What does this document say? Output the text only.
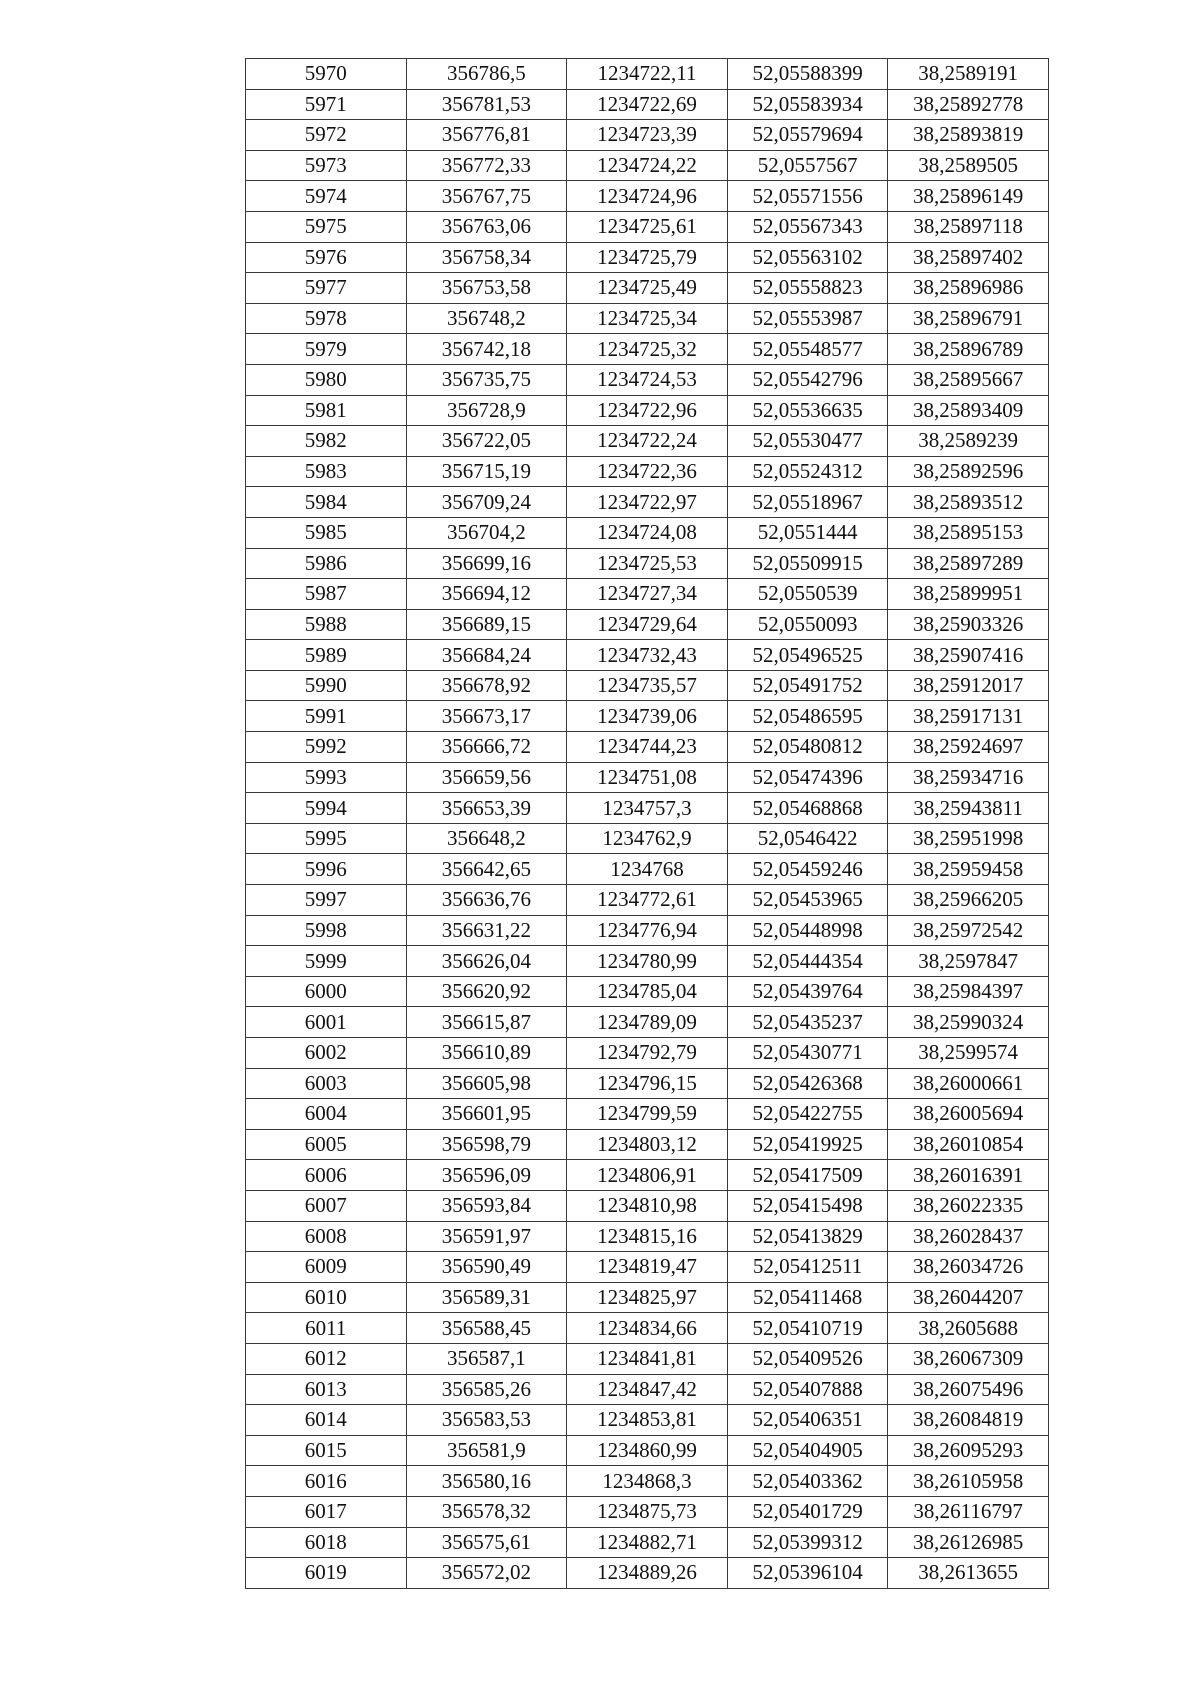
5970	356786,5	1234722,11	52,05588399	38,2589191
5971	356781,53	1234722,69	52,05583934	38,25892778
5972	356776,81	1234723,39	52,05579694	38,25893819
5973	356772,33	1234724,22	52,0557567	38,2589505
5974	356767,75	1234724,96	52,05571556	38,25896149
5975	356763,06	1234725,61	52,05567343	38,25897118
5976	356758,34	1234725,79	52,05563102	38,25897402
5977	356753,58	1234725,49	52,05558823	38,25896986
5978	356748,2	1234725,34	52,05553987	38,25896791
5979	356742,18	1234725,32	52,05548577	38,25896789
5980	356735,75	1234724,53	52,05542796	38,25895667
5981	356728,9	1234722,96	52,05536635	38,25893409
5982	356722,05	1234722,24	52,05530477	38,2589239
5983	356715,19	1234722,36	52,05524312	38,25892596
5984	356709,24	1234722,97	52,05518967	38,25893512
5985	356704,2	1234724,08	52,0551444	38,25895153
5986	356699,16	1234725,53	52,05509915	38,25897289
5987	356694,12	1234727,34	52,0550539	38,25899951
5988	356689,15	1234729,64	52,0550093	38,25903326
5989	356684,24	1234732,43	52,05496525	38,25907416
5990	356678,92	1234735,57	52,05491752	38,25912017
5991	356673,17	1234739,06	52,05486595	38,25917131
5992	356666,72	1234744,23	52,05480812	38,25924697
5993	356659,56	1234751,08	52,05474396	38,25934716
5994	356653,39	1234757,3	52,05468868	38,25943811
5995	356648,2	1234762,9	52,0546422	38,25951998
5996	356642,65	1234768	52,05459246	38,25959458
5997	356636,76	1234772,61	52,05453965	38,25966205
5998	356631,22	1234776,94	52,05448998	38,25972542
5999	356626,04	1234780,99	52,05444354	38,2597847
6000	356620,92	1234785,04	52,05439764	38,25984397
6001	356615,87	1234789,09	52,05435237	38,25990324
6002	356610,89	1234792,79	52,05430771	38,2599574
6003	356605,98	1234796,15	52,05426368	38,26000661
6004	356601,95	1234799,59	52,05422755	38,26005694
6005	356598,79	1234803,12	52,05419925	38,26010854
6006	356596,09	1234806,91	52,05417509	38,26016391
6007	356593,84	1234810,98	52,05415498	38,26022335
6008	356591,97	1234815,16	52,05413829	38,26028437
6009	356590,49	1234819,47	52,05412511	38,26034726
6010	356589,31	1234825,97	52,05411468	38,26044207
6011	356588,45	1234834,66	52,05410719	38,2605688
6012	356587,1	1234841,81	52,05409526	38,26067309
6013	356585,26	1234847,42	52,05407888	38,26075496
6014	356583,53	1234853,81	52,05406351	38,26084819
6015	356581,9	1234860,99	52,05404905	38,26095293
6016	356580,16	1234868,3	52,05403362	38,26105958
6017	356578,32	1234875,73	52,05401729	38,26116797
6018	356575,61	1234882,71	52,05399312	38,26126985
6019	356572,02	1234889,26	52,05396104	38,2613655
